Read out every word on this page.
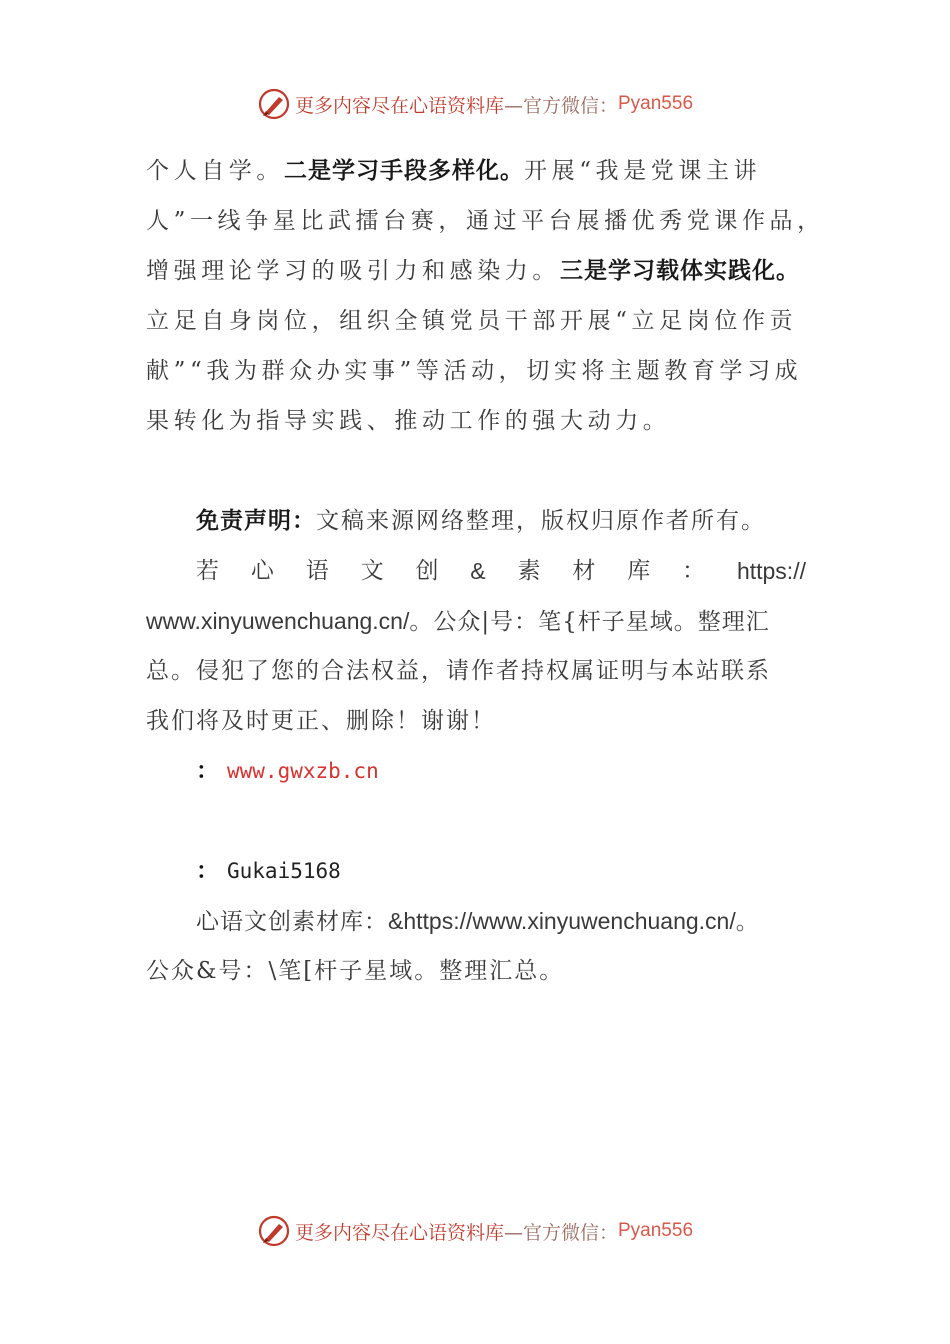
更多内容尽在心语资料库 —官方微信： Pyan556
个人自学。二是学习手段多样化。开展“我是党课主讲
人”一线争星比武擂台赛，通过平台展播优秀党课作品，
增强理论学习的吸引力和感染力。三是学习载体实践化。
立足自身岗位，组织全镇党员干部开展“立足岗位作贡
献”“我为群众办实事”等活动，切实将主题教育学习成
果转化为指导实践、推动工作的强大动力。
免责声明：文稿来源网络整理，版权归原作者所有。
若 心 语 文 创 & 素 材 库 ： https://
www.xinyuwenchuang.cn/。公众|号：笔{杆子星域。整理汇
总。侵犯了您的合法权益，请作者持权属证明与本站联系
我们将及时更正、删除！谢谢！
： www.gwxzb.cn
： Gukai5168
心语文创素材库：&https://www.xinyuwenchuang.cn/。
公众&号：\笔[杆子星域。整理汇总。
更多内容尽在心语资料库 —官方微信： Pyan556
